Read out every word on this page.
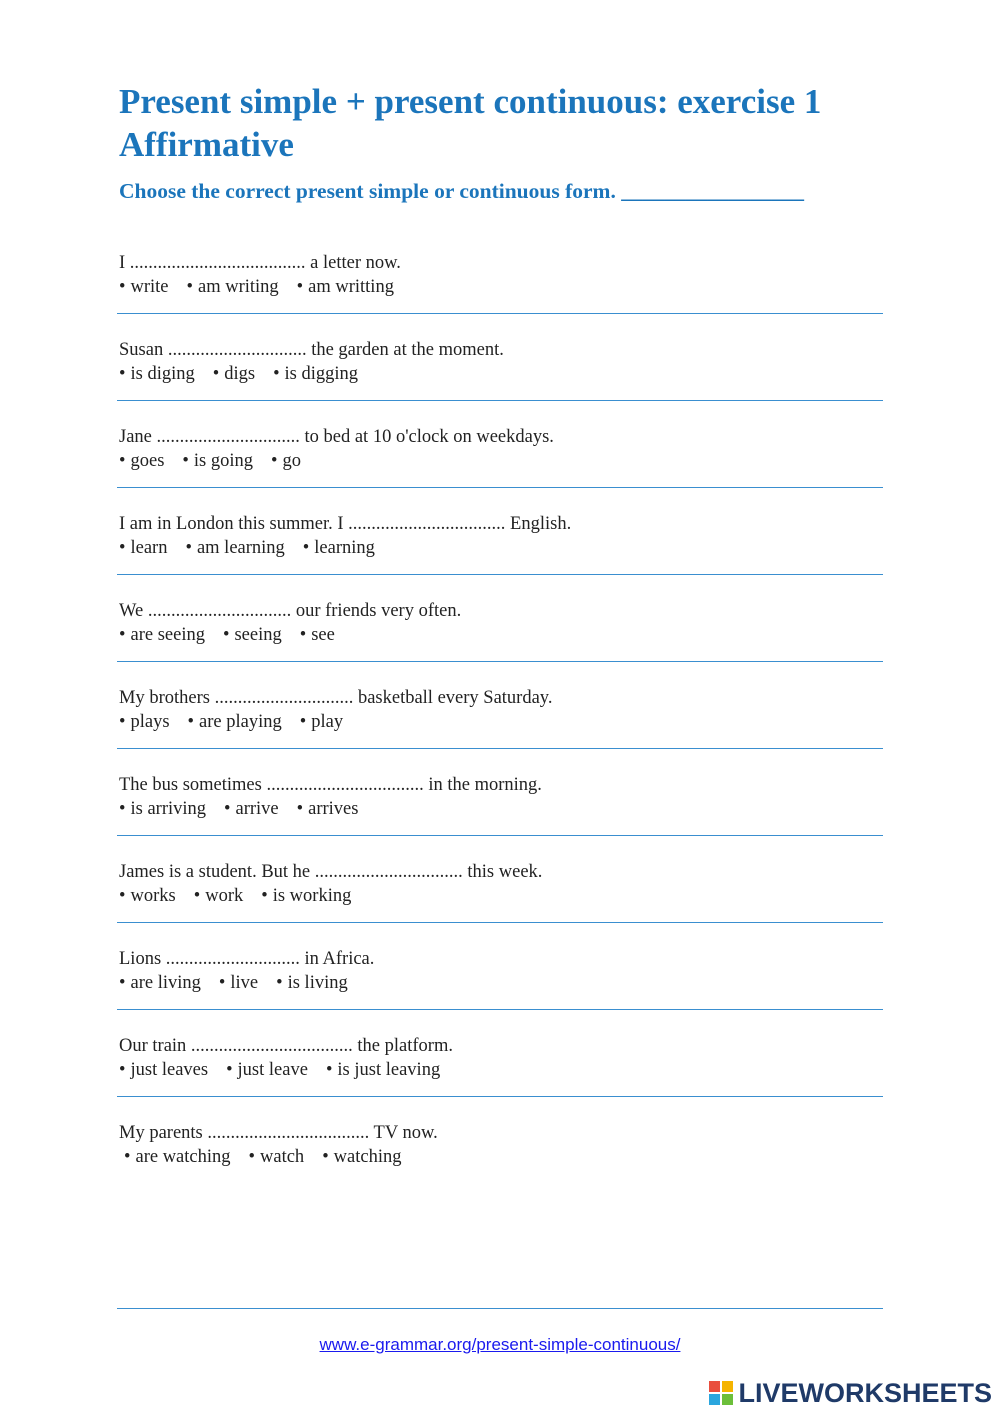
Present simple + present continuous: exercise 1
Affirmative
Choose the correct present simple or continuous form. _________________
I ...................................... a letter now.
• write • am writing • am writting
Susan .............................. the garden at the moment.
• is diging • digs • is digging
Jane ............................... to bed at 10 o'clock on weekdays.
• goes • is going • go
I am in London this summer. I .................................. English.
• learn • am learning • learning
We ............................... our friends very often.
• are seeing • seeing • see
My brothers .............................. basketball every Saturday.
• plays • are playing • play
The bus sometimes .................................. in the morning.
• is arriving • arrive • arrives
James is a student. But he ................................ this week.
• works • work • is working
Lions ............................. in Africa.
• are living • live • is living
Our train ................................... the platform.
• just leaves • just leave • is just leaving
My parents ................................... TV now.
• are watching • watch • watching
www.e-grammar.org/present-simple-continuous/
LIVEWORKSHEETS
